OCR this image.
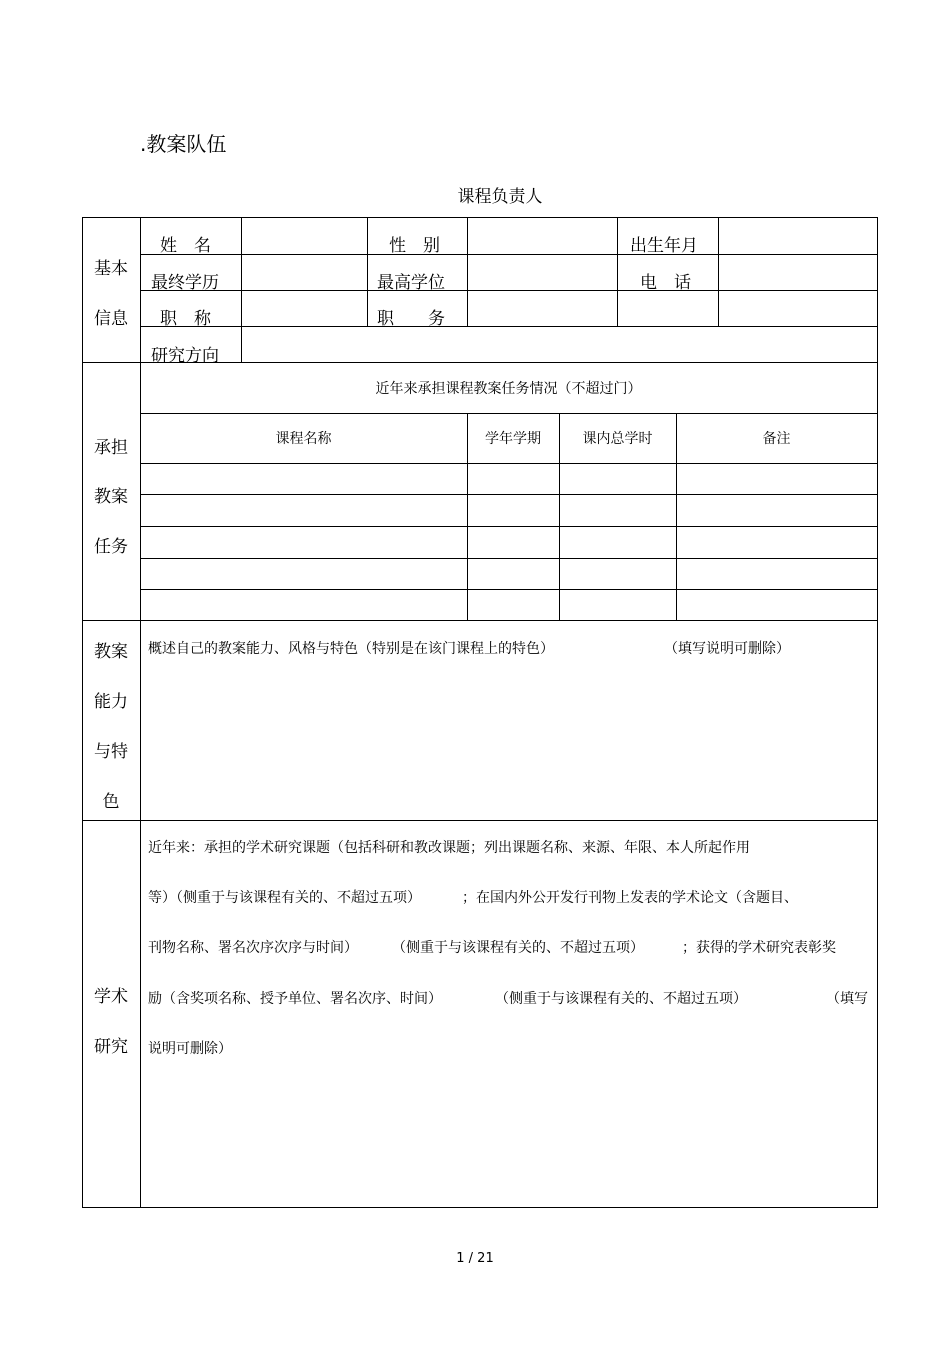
.教案队伍
课程负责人
基本
信息
姓　名	性　别	出生年月
最终学历	最高学位	电　话
职　称	职　　务
研究方向
承担
教案
任务
近年来承担课程教案任务情况（不超过门）
课程名称	学年学期	课内总学时	备注
教案
能力
与特
色
概述自己的教案能力、风格与特色（特别是在该门课程上的特色）	（填写说明可删除）
学术
研究
近年来：承担的学术研究课题（包括科研和教改课题；列出课题名称、来源、年限、本人所起作用
等）（侧重于与该课程有关的、不超过五项）	；在国内外公开发行刊物上发表的学术论文（含题目、
刊物名称、署名次序次序与时间） （侧重于与该课程有关的、不超过五项）	；获得的学术研究表彰奖
励（含奖项名称、授予单位、署名次序、时间）	（侧重于与该课程有关的、不超过五项）	（填写
说明可删除）
1 / 21
